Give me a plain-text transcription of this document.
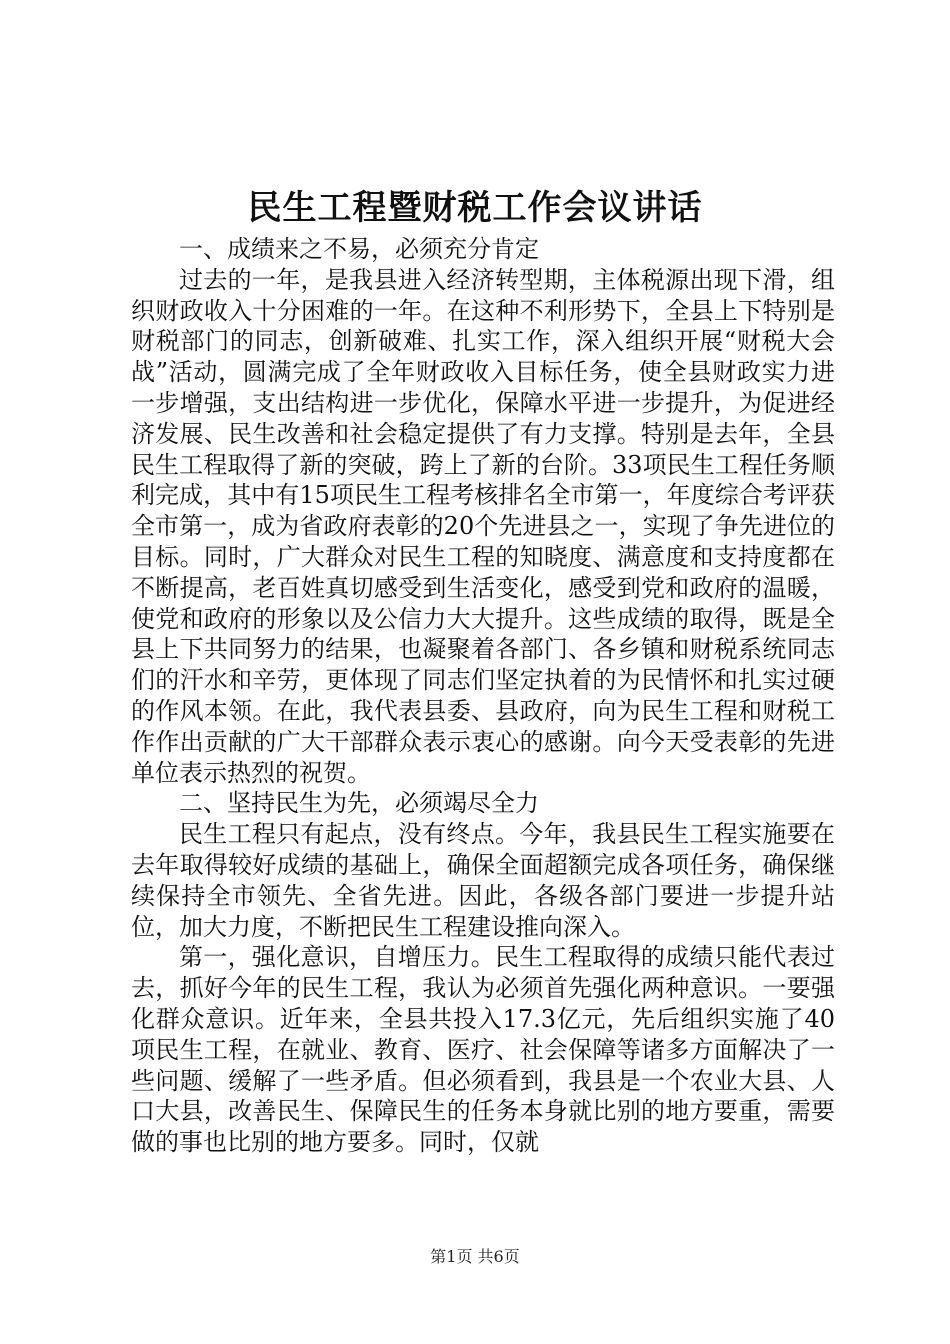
民生工程暨财税工作会议讲话

一、成绩来之不易，必须充分肯定

过去的一年，是我县进入经济转型期，主体税源出现下滑，组织财政收入十分困难的一年。在这种不利形势下，全县上下特别是财税部门的同志，创新破难、扎实工作，深入组织开展“财税大会战”活动，圆满完成了全年财政收入目标任务，使全县财政实力进一步增强，支出结构进一步优化，保障水平进一步提升，为促进经济发展、民生改善和社会稳定提供了有力支撑。特别是去年，全县民生工程取得了新的突破，跨上了新的台阶。33项民生工程任务顺利完成，其中有15项民生工程考核排名全市第一，年度综合考评获全市第一，成为省政府表彰的20个先进县之一，实现了争先进位的目标。同时，广大群众对民生工程的知晓度、满意度和支持度都在不断提高，老百姓真切感受到生活变化，感受到党和政府的温暖，使党和政府的形象以及公信力大大提升。这些成绩的取得，既是全县上下共同努力的结果，也凝聚着各部门、各乡镇和财税系统同志们的汗水和辛劳，更体现了同志们坚定执着的为民情怀和扎实过硬的作风本领。在此，我代表县委、县政府，向为民生工程和财税工作作出贡献的广大干部群众表示衷心的感谢。向今天受表彰的先进单位表示热烈的祝贺。

二、坚持民生为先，必须竭尽全力

民生工程只有起点，没有终点。今年，我县民生工程实施要在去年取得较好成绩的基础上，确保全面超额完成各项任务，确保继续保持全市领先、全省先进。因此，各级各部门要进一步提升站位，加大力度，不断把民生工程建设推向深入。

第一，强化意识，自增压力。民生工程取得的成绩只能代表过去，抓好今年的民生工程，我认为必须首先强化两种意识。一要强化群众意识。近年来，全县共投入17.3亿元，先后组织实施了40项民生工程，在就业、教育、医疗、社会保障等诸多方面解决了一些问题、缓解了一些矛盾。但必须看到，我县是一个农业大县、人口大县，改善民生、保障民生的任务本身就比别的地方要重，需要做的事也比别的地方要多。同时，仅就

第1页 共6页
